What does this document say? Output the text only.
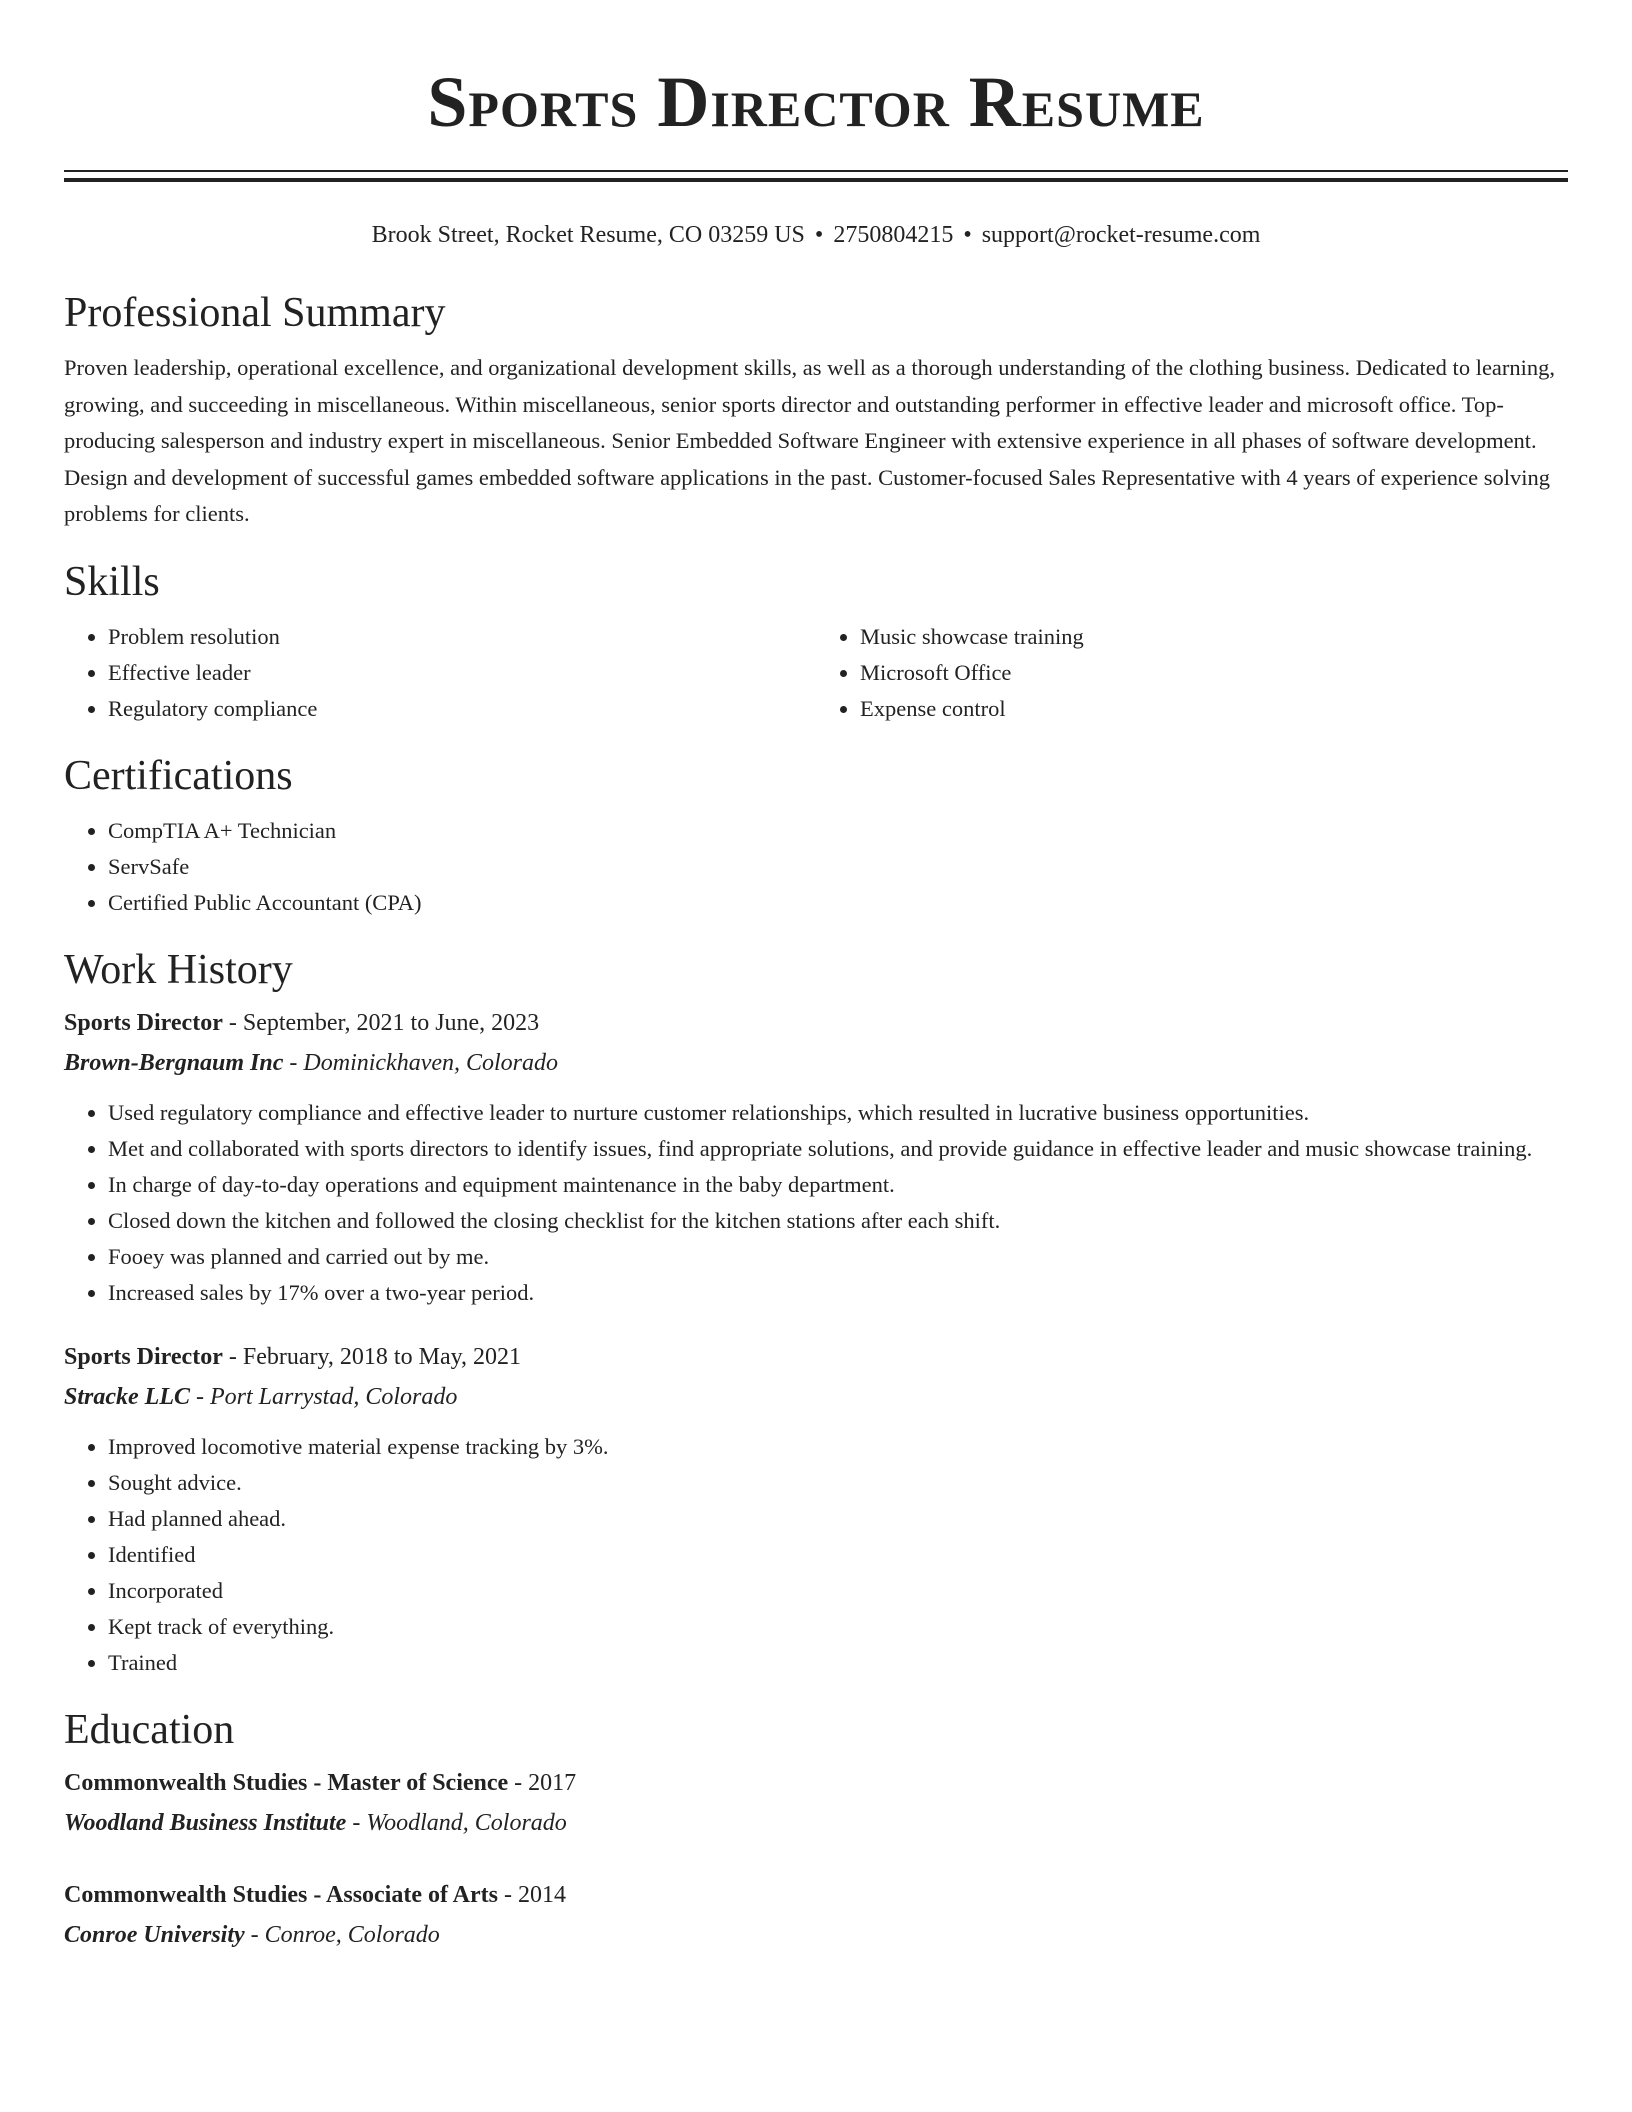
Sports Director Resume
Brook Street, Rocket Resume, CO 03259 US • 2750804215 • support@rocket-resume.com
Professional Summary

Proven leadership, operational excellence, and organizational development skills, as well as a thorough understanding of the clothing business. Dedicated to learning, growing, and succeeding in miscellaneous. Within miscellaneous, senior sports director and outstanding performer in effective leader and microsoft office. Top-producing salesperson and industry expert in miscellaneous. Senior Embedded Software Engineer with extensive experience in all phases of software development. Design and development of successful games embedded software applications in the past. Customer-focused Sales Representative with 4 years of experience solving problems for clients.

Skills
• Problem resolution
• Effective leader
• Regulatory compliance
• Music showcase training
• Microsoft Office
• Expense control
Certifications
• CompTIA A+ Technician
• ServSafe
• Certified Public Accountant (CPA)
Work History
Sports Director - September, 2021 to June, 2023
Brown-Bergnaum Inc - Dominickhaven, Colorado
• Used regulatory compliance and effective leader to nurture customer relationships, which resulted in lucrative business opportunities.
• Met and collaborated with sports directors to identify issues, find appropriate solutions, and provide guidance in effective leader and music showcase training.
• In charge of day-to-day operations and equipment maintenance in the baby department.
• Closed down the kitchen and followed the closing checklist for the kitchen stations after each shift.
• Fooey was planned and carried out by me.
• Increased sales by 17% over a two-year period.
Sports Director - February, 2018 to May, 2021
Stracke LLC - Port Larrystad, Colorado
• Improved locomotive material expense tracking by 3%.
• Sought advice.
• Had planned ahead.
• Identified
• Incorporated
• Kept track of everything.
• Trained
Education
Commonwealth Studies - Master of Science - 2017
Woodland Business Institute - Woodland, Colorado
Commonwealth Studies - Associate of Arts - 2014
Conroe University - Conroe, Colorado
